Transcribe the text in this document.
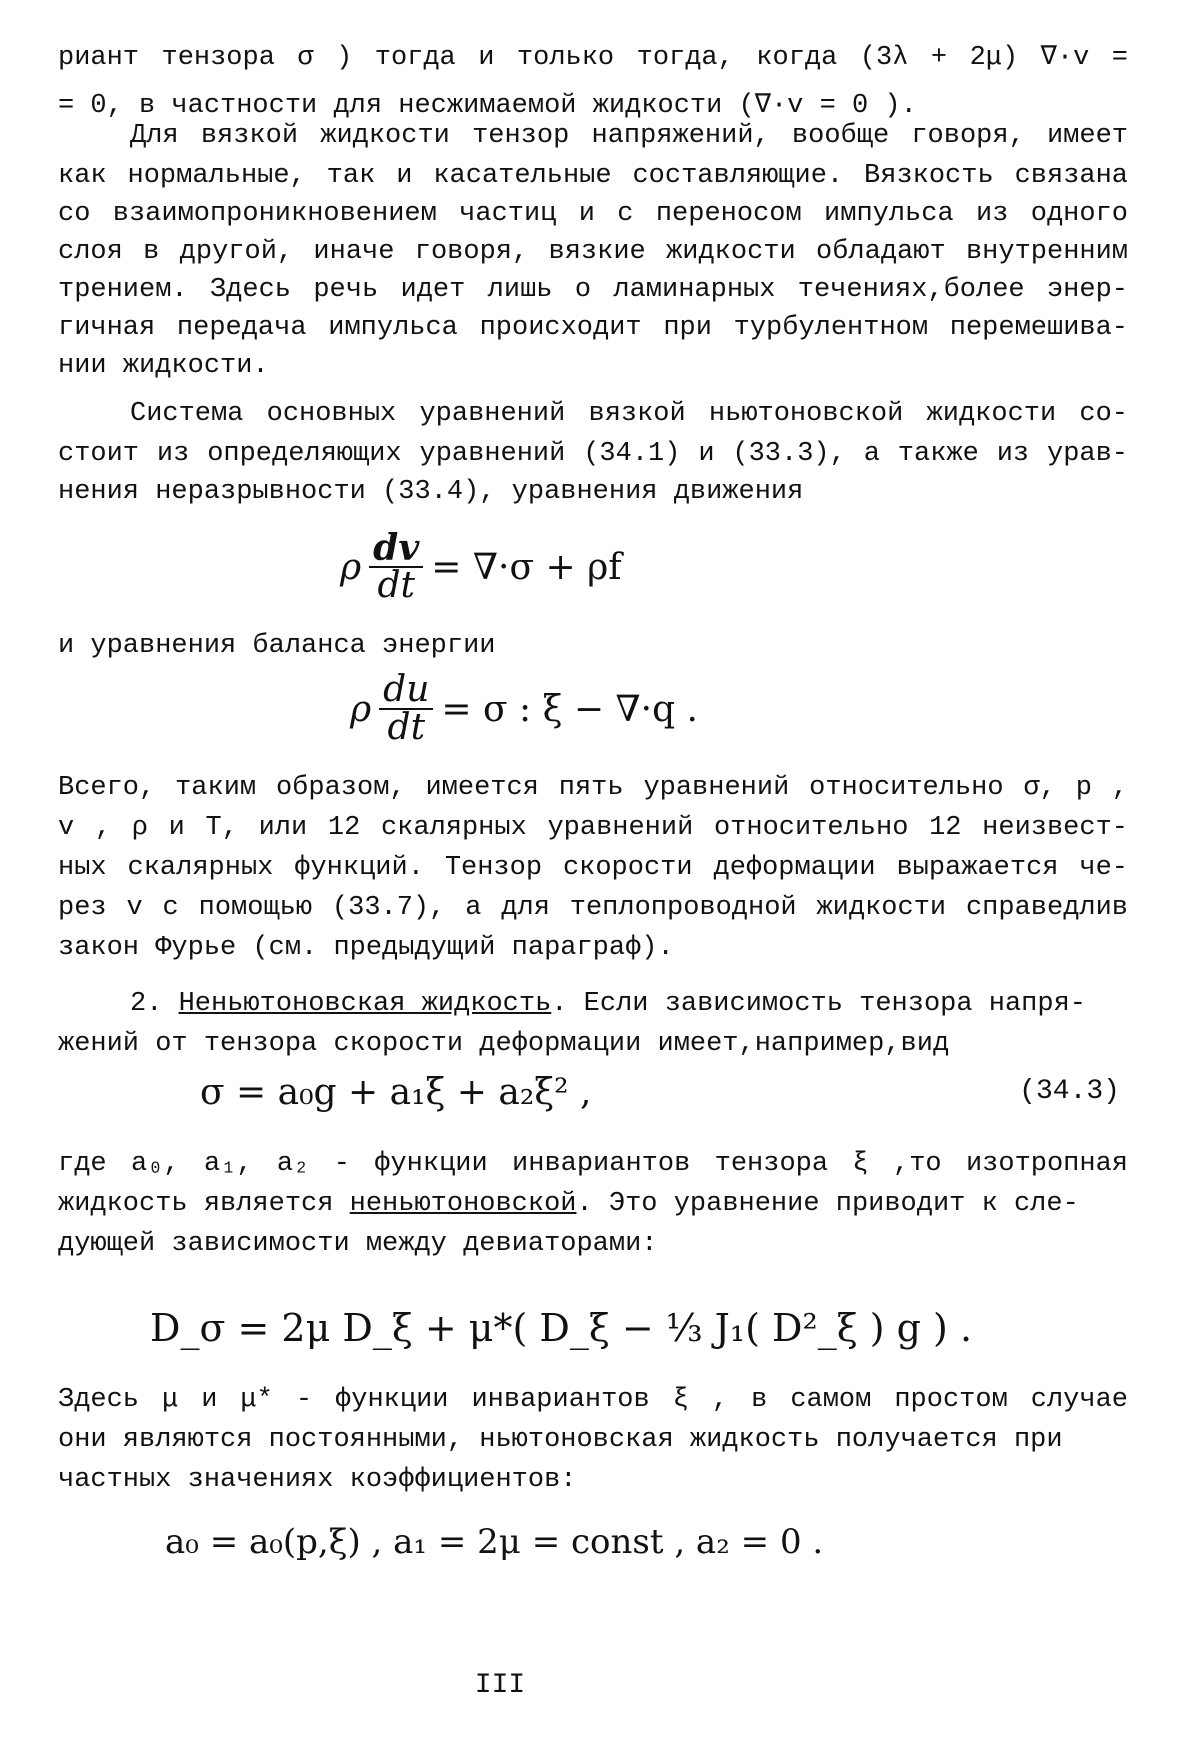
риант тензора σ ) тогда и только тогда, когда (3λ + 2μ) ∇·v =
= 0, в частности для несжимаемой жидкости (∇·v = 0 ).
Для вязкой жидкости тензор напряжений, вообще говоря, имеет
как нормальные, так и касательные составляющие. Вязкость связана
со взаимопроникновением частиц и с переносом импульса из одного
слоя в другой, иначе говоря, вязкие жидкости обладают внутренним
трением. Здесь речь идет лишь о ламинарных течениях,более энер-
гичная передача импульса происходит при турбулентном перемешива-
нии жидкости.
Система основных уравнений вязкой ньютоновской жидкости со-
стоит из определяющих уравнений (34.1) и (33.3), а также из урав-
нения неразрывности (33.4), уравнения движения
ρ $\frac{dv}{dt} = \nabla\cdot\sigma + \rho f$
и уравнения баланса энергии
ρ $\frac{du}{dt} = \sigma$ : ξ − ∇·q .
Всего, таким образом, имеется пять уравнений относительно σ, p ,
v , ρ и T, или 12 скалярных уравнений относительно 12 неизвест-
ных скалярных функций. Тензор скорости деформации выражается че-
рез v с помощью (33.7), а для теплопроводной жидкости справедлив
закон Фурье (см. предыдущий параграф).
2. Неньютоновская жидкость. Если зависимость тензора напря-
жений от тензора скорости деформации имеет,например,вид
σ = a₀g + a₁ξ + a₂ξ² ,	(34.3)
где a₀, a₁, a₂ - функции инвариантов тензора ξ ,то изотропная
жидкость является неньютоновской. Это уравнение приводит к сле-
дующей зависимости между девиаторами:
D_σ = 2μ D_ξ + μ*( D_ξ − ⅓ J₁( D²_ξ ) g ) .
Здесь μ и μ* - функции инвариантов ξ , в самом простом случае
они являются постоянными, ньютоновская жидкость получается при
частных значениях коэффициентов:
a₀ = a₀(p,ξ) , a₁ = 2μ = const , a₂ = 0 .
III
